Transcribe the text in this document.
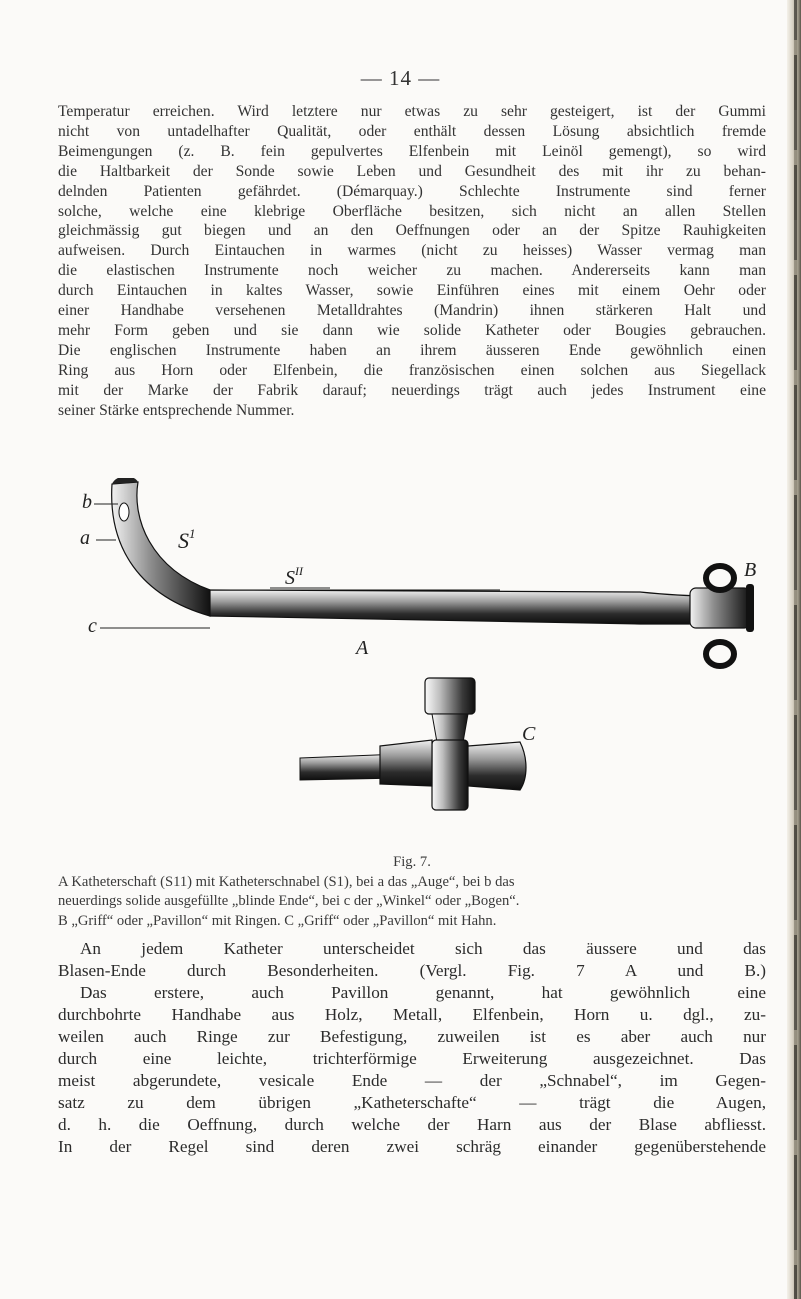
— 14 —
Temperatur erreichen. Wird letztere nur etwas zu sehr gesteigert, ist der Gummi
nicht von untadelhafter Qualität, oder enthält dessen Lösung absichtlich fremde
Beimengungen (z. B. fein gepulvertes Elfenbein mit Leinöl gemengt), so wird
die Haltbarkeit der Sonde sowie Leben und Gesundheit des mit ihr zu behan-
delnden Patienten gefährdet. (Démarquay.) Schlechte Instrumente sind ferner
solche, welche eine klebrige Oberfläche besitzen, sich nicht an allen Stellen
gleichmässig gut biegen und an den Oeffnungen oder an der Spitze Rauhigkeiten
aufweisen. Durch Eintauchen in warmes (nicht zu heisses) Wasser vermag man
die elastischen Instrumente noch weicher zu machen. Andererseits kann man
durch Eintauchen in kaltes Wasser, sowie Einführen eines mit einem Oehr oder
einer Handhabe versehenen Metalldrahtes (Mandrin) ihnen stärkeren Halt und
mehr Form geben und sie dann wie solide Katheter oder Bougies gebrauchen.
Die englischen Instrumente haben an ihrem äusseren Ende gewöhnlich einen
Ring aus Horn oder Elfenbein, die französischen einen solchen aus Siegellack
mit der Marke der Fabrik darauf; neuerdings trägt auch jedes Instrument eine
seiner Stärke entsprechende Nummer.
b
a
c
$S^1$
$S^{II}$
A
B
C
Fig. 7.
A Katheterschaft (S11) mit Katheterschnabel (S1), bei a das „Auge“, bei b das
neuerdings solide ausgefüllte „blinde Ende“, bei c der „Winkel“ oder „Bogen“.
B „Griff“ oder „Pavillon“ mit Ringen. C „Griff“ oder „Pavillon“ mit Hahn.
An jedem Katheter unterscheidet sich das äussere und das
Blasen-Ende durch Besonderheiten. (Vergl. Fig. 7 A und B.)
Das erstere, auch Pavillon genannt, hat gewöhnlich eine
durchbohrte Handhabe aus Holz, Metall, Elfenbein, Horn u. dgl., zu-
weilen auch Ringe zur Befestigung, zuweilen ist es aber auch nur
durch eine leichte, trichterförmige Erweiterung ausgezeichnet. Das
meist abgerundete, vesicale Ende — der „Schnabel“, im Gegen-
satz zu dem übrigen „Katheterschafte“ — trägt die Augen,
d. h. die Oeffnung, durch welche der Harn aus der Blase abfliesst.
In der Regel sind deren zwei schräg einander gegenüberstehende
